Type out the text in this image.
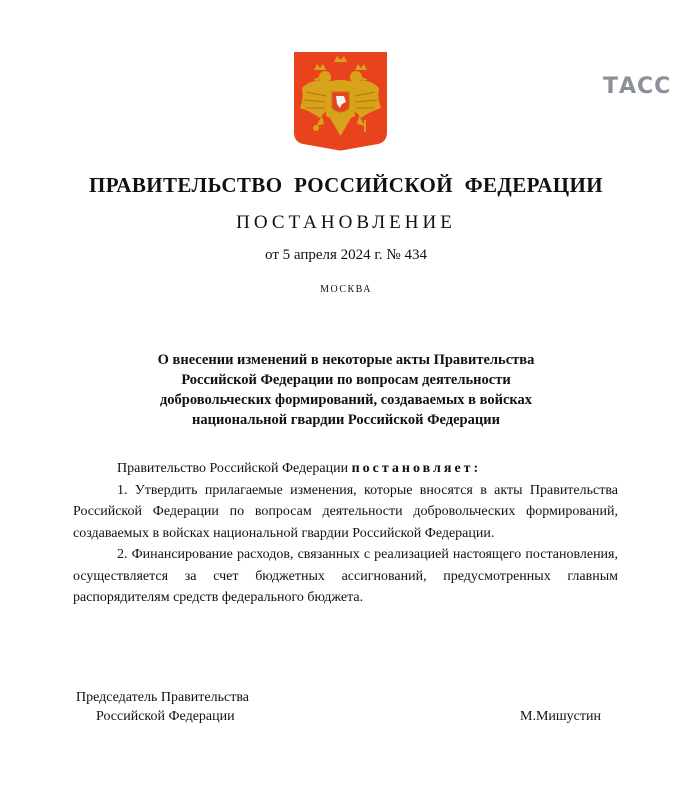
ТАСС
ПРАВИТЕЛЬСТВО РОССИЙСКОЙ ФЕДЕРАЦИИ
ПОСТАНОВЛЕНИЕ
от 5 апреля 2024 г. № 434
МОСКВА
О внесении изменений в некоторые акты Правительства
Российской Федерации по вопросам деятельности
добровольческих формирований, создаваемых в войсках
национальной гвардии Российской Федерации

Правительство Российской Федерации постановляет:

1. Утвердить прилагаемые изменения, которые вносятся в акты Правительства Российской Федерации по вопросам деятельности добровольческих формирований, создаваемых в войсках национальной гвардии Российской Федерации.

2. Финансирование расходов, связанных с реализацией настоящего постановления, осуществляется за счет бюджетных ассигнований, предусмотренных главным распорядителям средств федерального бюджета.

Председатель Правительства
Российской Федерации	М.Мишустин
